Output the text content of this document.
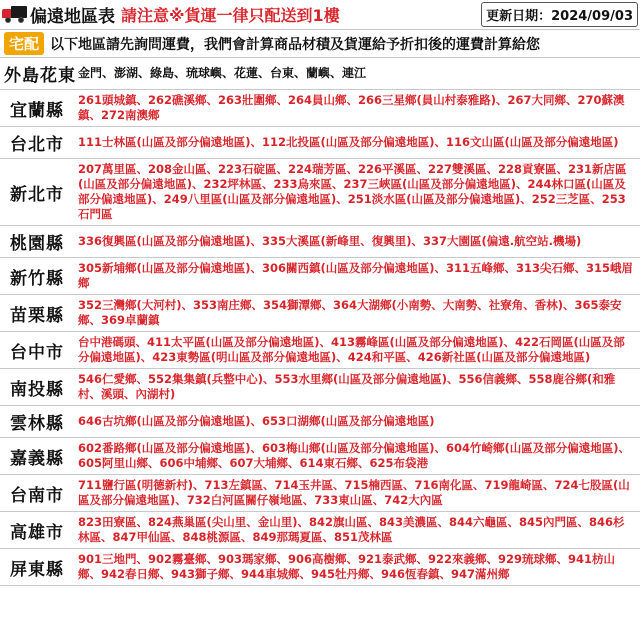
偏遠地區表 請注意※貨運一律只配送到1樓	更新日期：2024/09/03
宅配 以下地區請先詢問運費，我們會計算商品材積及貨運給予折扣後的運費計算給您
外島花東	金門、澎湖、綠島、琉球嶼、花蓮、台東、蘭嶼、連江
宜蘭縣	261頭城鎮、262礁溪鄉、263壯圍鄉、264員山鄉、266三星鄉(員山村泰雅路)、267大同鄉、270蘇澳鎮、272南澳鄉
台北市	111士林區(山區及部分偏遠地區)、112北投區(山區及部分偏遠地區)、116文山區(山區及部分偏遠地區)
新北市	207萬里區、208金山區、223石碇區、224瑞芳區、226平溪區、227雙溪區、228貢寮區、231新店區(山區及部分偏遠地區)、232坪林區、233烏來區、237三峽區(山區及部分偏遠地區)、244林口區(山區及部分偏遠地區)、249八里區(山區及部分偏遠地區)、251淡水區(山區及部分偏遠地區)、252三芝區、253石門區
桃園縣	336復興區(山區及部分偏遠地區)、335大溪區(新峰里、復興里)、337大園區(偏遠.航空站.機場)
新竹縣	305新埔鄉(山區及部分偏遠地區)、306關西鎮(山區及部分偏遠地區)、311五峰鄉、313尖石鄉、315峨眉鄉
苗栗縣	352三灣鄉(大河村)、353南庄鄉、354獅潭鄉、364大湖鄉(小南勢、大南勢、社寮角、香林)、365泰安鄉、369卓蘭鎮
台中市	台中港碼頭、411太平區(山區及部分偏遠地區)、413霧峰區(山區及部分偏遠地區)、422石岡區(山區及部分偏遠地區)、423東勢區(明山區及部分偏遠地區)、424和平區、426新社區(山區及部分偏遠地區)
南投縣	546仁愛鄉、552集集鎮(兵整中心)、553水里鄉(山區及部分偏遠地區)、556信義鄉、558鹿谷鄉(和雅村、溪頭、內湖村)
雲林縣	646古坑鄉(山區及部分偏遠地區)、653口湖鄉(山區及部分偏遠地區)
嘉義縣	602番路鄉(山區及部分偏遠地區)、603梅山鄉(山區及部分偏遠地區)、604竹崎鄉(山區及部分偏遠地區)、605阿里山鄉、606中埔鄉、607大埔鄉、614東石鄉、625布袋港
台南市	711鹽行區(明德新村)、713左鎮區、714玉井區、715楠西區、716南化區、719龍崎區、724七股區(山區及部分偏遠地區)、732白河區關仔嶺地區、733東山區、742大內區
高雄市	823田寮區、824燕巢區(尖山里、金山里)、842旗山區、843美濃區、844六龜區、845內門區、846杉林區、847甲仙區、848桃源區、849那瑪夏區、851茂林區
屏東縣	901三地門、902霧臺鄉、903瑪家鄉、906高樹鄉、921泰武鄉、922來義鄉、929琉球鄉、941枋山鄉、942春日鄉、943獅子鄉、944車城鄉、945牡丹鄉、946恆春鎮、947滿州鄉
